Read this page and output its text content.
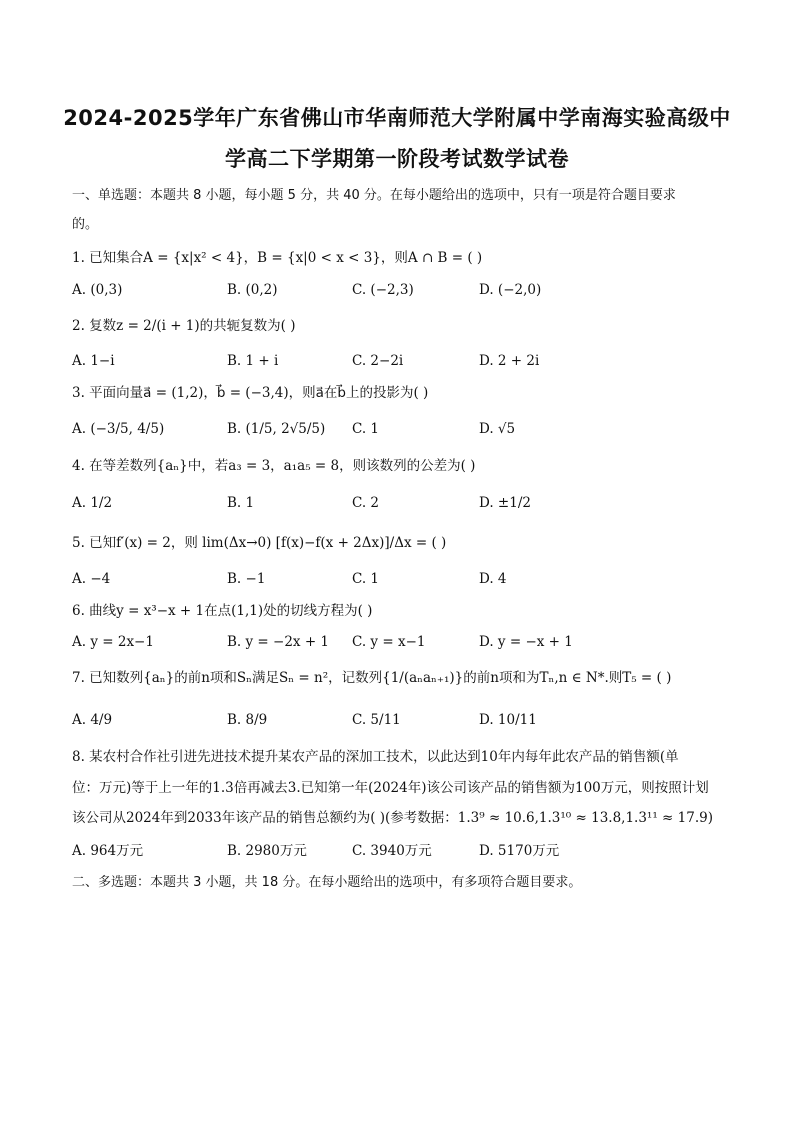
2024-2025学年广东省佛山市华南师范大学附属中学南海实验高级中
学高二下学期第一阶段考试数学试卷
一、单选题：本题共 8 小题，每小题 5 分，共 40 分。在每小题给出的选项中，只有一项是符合题目要求
的。
1. 已知集合A = {x|x² < 4}，B = {x|0 < x < 3}，则A ∩ B = ( )
A. (0,3)	B. (0,2)	C. (−2,3)	D. (−2,0)
2. 复数z = 2/(i + 1)的共轭复数为( )
A. 1−i	B. 1 + i	C. 2−2i	D. 2 + 2i
3. 平面向量a⃗ = (1,2)，b⃗ = (−3,4)，则a⃗在b⃗上的投影为( )
A. (−3/5, 4/5)	B. (1/5, 2√5/5) C. 1	D. √5
4. 在等差数列{aₙ}中，若a₃ = 3，a₁a₅ = 8，则该数列的公差为( )
A. 1/2	B. 1	C. 2	D. ±1/2
5. 已知f′(x) = 2，则 lim(Δx→0) [f(x)−f(x + 2Δx)]/Δx = ( )
A. −4	B. −1	C. 1	D. 4
6. 曲线y = x³−x + 1在点(1,1)处的切线方程为( )
A. y = 2x−1	B. y = −2x + 1 C. y = x−1	D. y = −x + 1
7. 已知数列{aₙ}的前n项和Sₙ满足Sₙ = n²，记数列{1/(aₙaₙ₊₁)}的前n项和为Tₙ,n ∈ N*.则T₅ = ( )
A. 4/9	B. 8/9	C. 5/11	D. 10/11
8. 某农村合作社引进先进技术提升某农产品的深加工技术，以此达到10年内每年此农产品的销售额(单
位：万元)等于上一年的1.3倍再减去3.已知第一年(2024年)该公司该产品的销售额为100万元，则按照计划
该公司从2024年到2033年该产品的销售总额约为( )(参考数据：1.3⁹ ≈ 10.6,1.3¹⁰ ≈ 13.8,1.3¹¹ ≈ 17.9)
A. 964万元	B. 2980万元	C. 3940万元	D. 5170万元
二、多选题：本题共 3 小题，共 18 分。在每小题给出的选项中，有多项符合题目要求。
